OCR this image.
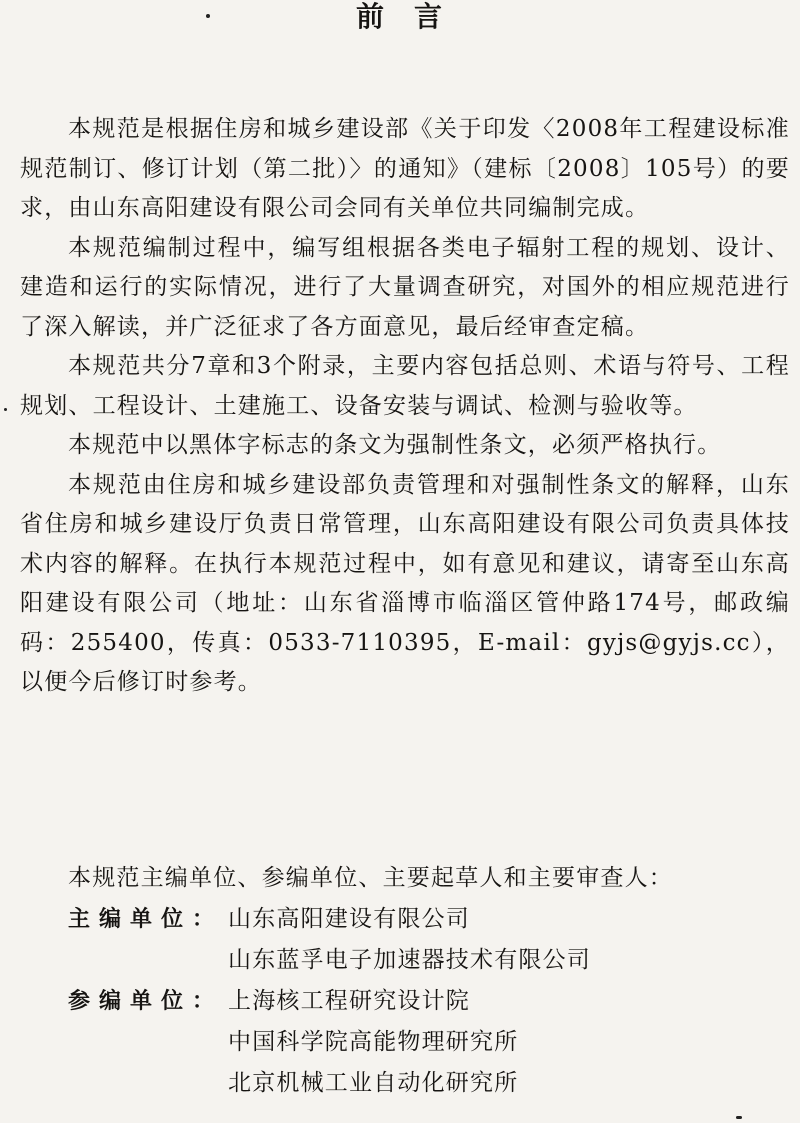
前言

本规范是根据住房和城乡建设部《关于印发〈2008年工程建设标准规范制订、修订计划（第二批）〉的通知》（建标〔2008〕105号）的要求，由山东高阳建设有限公司会同有关单位共同编制完成。

本规范编制过程中，编写组根据各类电子辐射工程的规划、设计、建造和运行的实际情况，进行了大量调查研究，对国外的相应规范进行了深入解读，并广泛征求了各方面意见，最后经审查定稿。

本规范共分7章和3个附录，主要内容包括总则、术语与符号、工程规划、工程设计、土建施工、设备安装与调试、检测与验收等。

本规范中以黑体字标志的条文为强制性条文，必须严格执行。

本规范由住房和城乡建设部负责管理和对强制性条文的解释，山东省住房和城乡建设厅负责日常管理，山东高阳建设有限公司负责具体技术内容的解释。在执行本规范过程中，如有意见和建议，请寄至山东高阳建设有限公司（地址：山东省淄博市临淄区管仲路174号，邮政编码：255400，传真：0533-7110395，E-mail：gyjs@gyjs.cc），以便今后修订时参考。

本规范主编单位、参编单位、主要起草人和主要审查人：

主编单位： 山东高阳建设有限公司
山东蓝孚电子加速器技术有限公司
参编单位： 上海核工程研究设计院
中国科学院高能物理研究所
北京机械工业自动化研究所
